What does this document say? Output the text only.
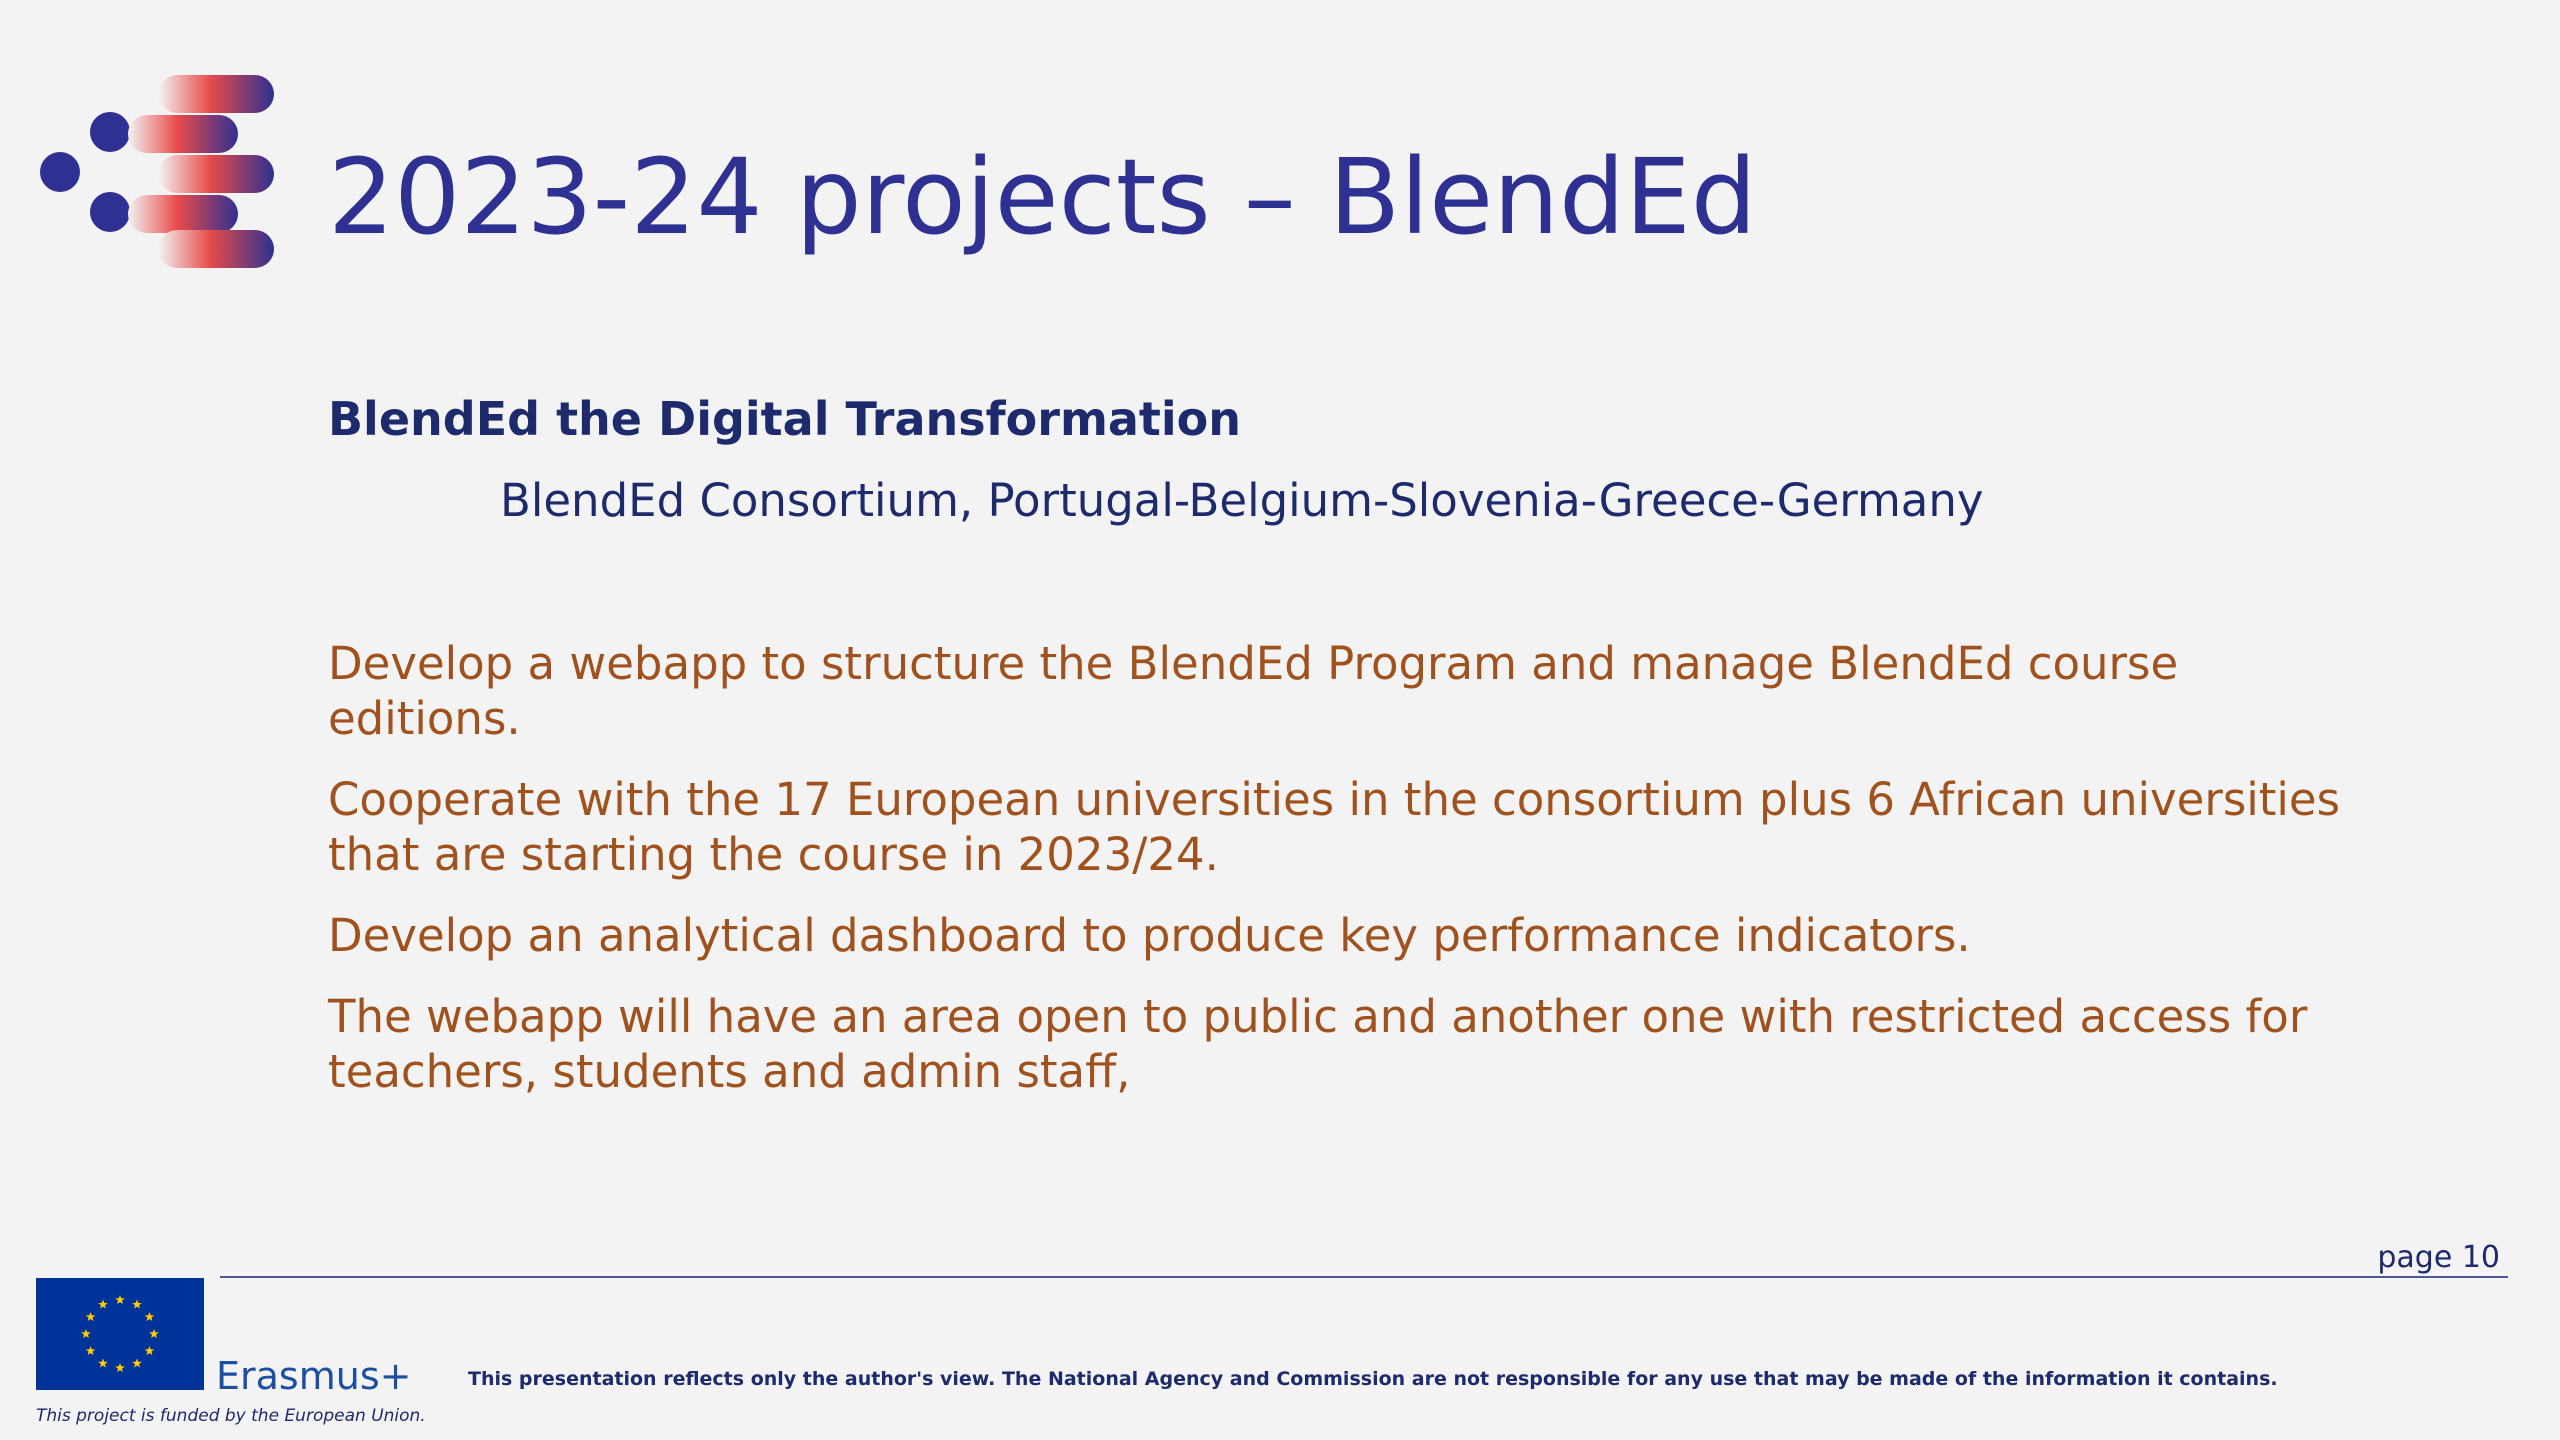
2023-24 projects – BlendEd
BlendEd the Digital Transformation

BlendEd Consortium, Portugal-Belgium-Slovenia-Greece-Germany

Develop a webapp to structure the BlendEd Program and manage BlendEd course editions.
Cooperate with the 17 European universities in the consortium plus 6 African universities that are starting the course in 2023/24.
Develop an analytical dashboard to produce key performance indicators.
The webapp will have an area open to public and another one with restricted access for teachers, students and admin staff,
page 10
Erasmus+
This project is funded by the European Union.
This presentation reflects only the author's view. The National Agency and Commission are not responsible for any use that may be made of the information it contains.
